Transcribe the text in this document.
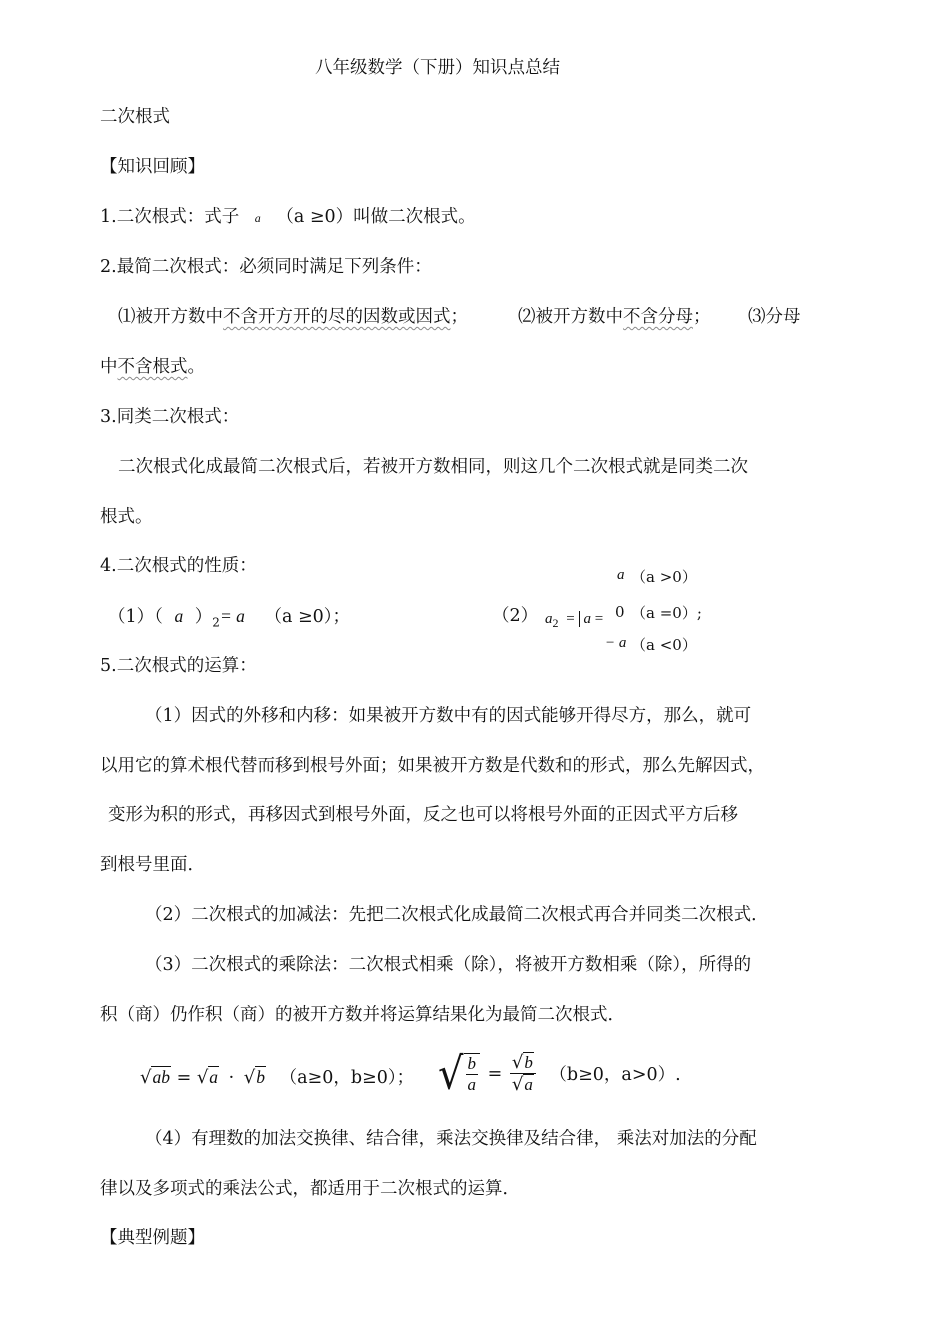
八年级数学（下册）知识点总结
二次根式
【知识回顾】
1.二次根式：式子 a （a ≥0）叫做二次根式。
2.最简二次根式：必须同时满足下列条件：
⑴被开方数中不含开方开的尽的因数或因式；	⑵被开方数中不含分母； ⑶分母
中不含根式。
3.同类二次根式：
二次根式化成最简二次根式后，若被开方数相同，则这几个二次根式就是同类二次
根式。
4.二次根式的性质：
（1）（ a ）$_2= a$ （a ≥0）；	（2） $a_2 = a$ =
a （a >0）
0 （a =0）;
− a （a <0）
5.二次根式的运算：
（1）因式的外移和内移：如果被开方数中有的因式能够开得尽方，那么，就可
以用它的算术根代替而移到根号外面；如果被开方数是代数和的形式，那么先解因式，
变形为积的形式，再移因式到根号外面，反之也可以将根号外面的正因式平方后移
到根号里面．
（2）二次根式的加减法：先把二次根式化成最简二次根式再合并同类二次根式．
（3）二次根式的乘除法：二次根式相乘（除），将被开方数相乘（除），所得的
积（商）仍作积（商）的被开方数并将运算结果化为最简二次根式．
√ab = √a · √b （a≥0，b≥0）； √ $\frac{b}{a} = \frac{√b}{√a} (b\ge 0$，a>0）.
（4）有理数的加法交换律、结合律，乘法交换律及结合律， 乘法对加法的分配
律以及多项式的乘法公式，都适用于二次根式的运算．
【典型例题】
